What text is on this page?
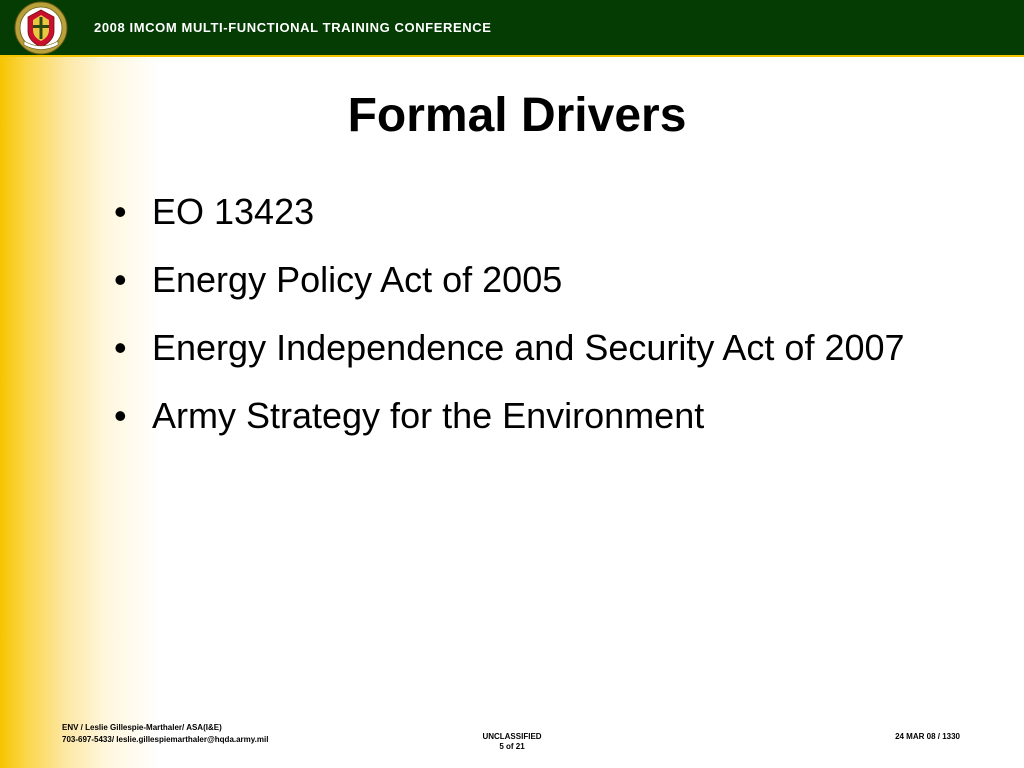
2008 IMCOM MULTI-FUNCTIONAL TRAINING CONFERENCE
Formal Drivers
• EO 13423
• Energy Policy Act of 2005
• Energy Independence and Security Act of 2007
• Army Strategy for the Environment
ENV / Leslie Gillespie-Marthaler/ ASA(I&E)
703-697-5433/ leslie.gillespiemarthaler@hqda.army.mil	UNCLASSIFIED
5 of 21
24 MAR 08 / 1330
